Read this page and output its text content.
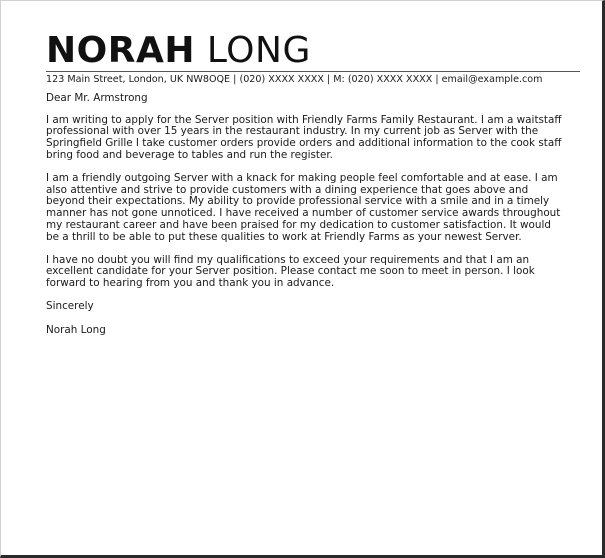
NORAH LONG
123 Main Street, London, UK NW8OQE | (020) XXXX XXXX | M: (020) XXXX XXXX | email@example.com

Dear Mr. Armstrong

I am writing to apply for the Server position with Friendly Farms Family Restaurant. I am a waitstaff professional with over 15 years in the restaurant industry. In my current job as Server with the Springfield Grille I take customer orders provide orders and additional information to the cook staff bring food and beverage to tables and run the register.

I am a friendly outgoing Server with a knack for making people feel comfortable and at ease. I am also attentive and strive to provide customers with a dining experience that goes above and beyond their expectations. My ability to provide professional service with a smile and in a timely manner has not gone unnoticed. I have received a number of customer service awards throughout my restaurant career and have been praised for my dedication to customer satisfaction. It would be a thrill to be able to put these qualities to work at Friendly Farms as your newest Server.

I have no doubt you will find my qualifications to exceed your requirements and that I am an excellent candidate for your Server position. Please contact me soon to meet in person. I look forward to hearing from you and thank you in advance.

Sincerely

Norah Long
